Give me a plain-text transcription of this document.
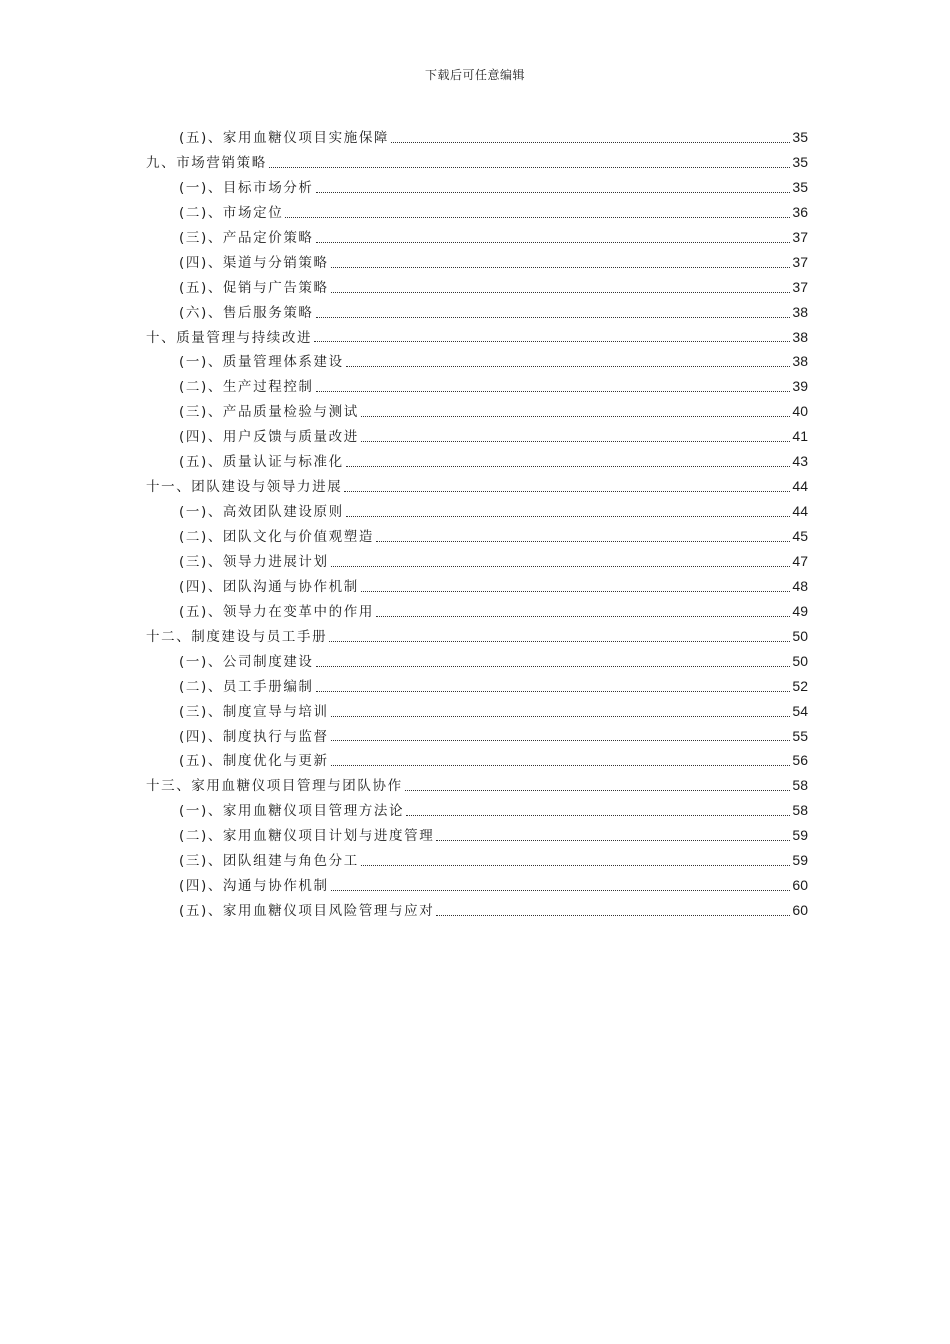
下载后可任意编辑
(五)、家用血糖仪项目实施保障	35
九、市场营销策略	35
(一)、目标市场分析	35
(二)、市场定位	36
(三)、产品定价策略	37
(四)、渠道与分销策略	37
(五)、促销与广告策略	37
(六)、售后服务策略	38
十、质量管理与持续改进	38
(一)、质量管理体系建设	38
(二)、生产过程控制	39
(三)、产品质量检验与测试	40
(四)、用户反馈与质量改进	41
(五)、质量认证与标准化	43
十一、团队建设与领导力进展	44
(一)、高效团队建设原则	44
(二)、团队文化与价值观塑造	45
(三)、领导力进展计划	47
(四)、团队沟通与协作机制	48
(五)、领导力在变革中的作用	49
十二、制度建设与员工手册	50
(一)、公司制度建设	50
(二)、员工手册编制	52
(三)、制度宣导与培训	54
(四)、制度执行与监督	55
(五)、制度优化与更新	56
十三、家用血糖仪项目管理与团队协作	58
(一)、家用血糖仪项目管理方法论	58
(二)、家用血糖仪项目计划与进度管理	59
(三)、团队组建与角色分工	59
(四)、沟通与协作机制	60
(五)、家用血糖仪项目风险管理与应对	60
